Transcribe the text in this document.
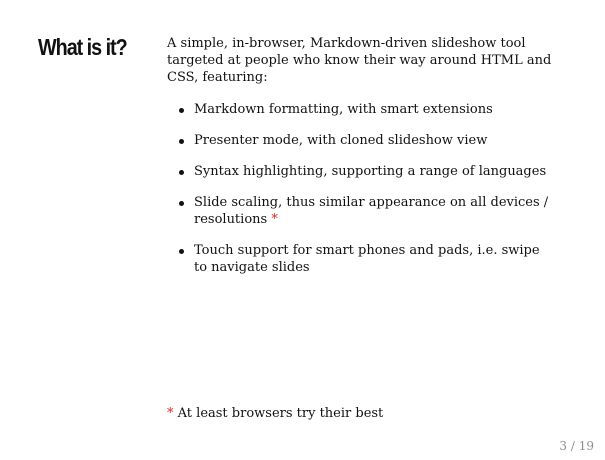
What is it?	A simple, in-browser, Markdown-driven slideshow tool targeted at people who know their way around HTML and CSS, featuring:

Markdown formatting, with smart extensions
Presenter mode, with cloned slideshow view
Syntax highlighting, supporting a range of languages
Slide scaling, thus similar appearance on all devices / resolutions *
Touch support for smart phones and pads, i.e. swipe to navigate slides

* At least browsers try their best

3 / 19
